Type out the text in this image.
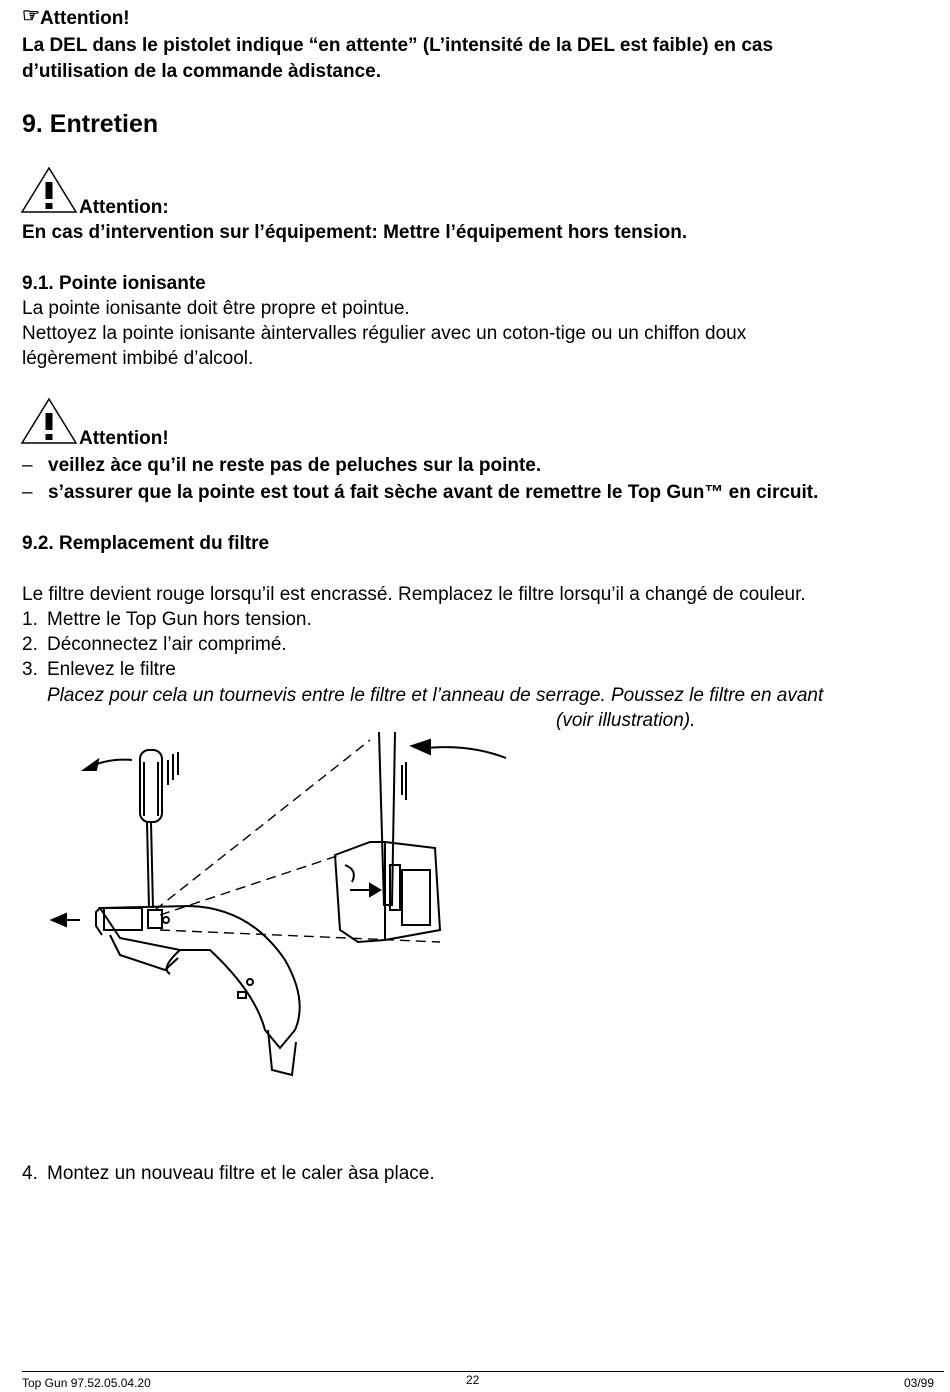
☞Attention!
La DEL dans le pistolet indique “en attente” (L’intensité de la DEL est faible) en cas
d’utilisation de la commande àdistance.
9. Entretien
Attention:
En cas d’intervention sur l’équipement: Mettre l’équipement hors tension.
9.1. Pointe ionisante
La pointe ionisante doit être propre et pointue.
Nettoyez la pointe ionisante àintervalles régulier avec un coton-tige ou un chiffon doux
légèrement imbibé d’alcool.
Attention!
– veillez àce qu’il ne reste pas de peluches sur la pointe.
– s’assurer que la pointe est tout á fait sèche avant de remettre le Top Gun™ en circuit.
9.2. Remplacement du filtre
Le filtre devient rouge lorsqu’il est encrassé. Remplacez le filtre lorsqu’il a changé de couleur.
1. Mettre le Top Gun hors tension.
2. Déconnectez l’air comprimé.
3. Enlevez le filtre
Placez pour cela un tournevis entre le filtre et l’anneau de serrage. Poussez le filtre en avant
(voir illustration).
4. Montez un nouveau filtre et le caler àsa place.
Top Gun 97.52.05.04.20	22	03/99
